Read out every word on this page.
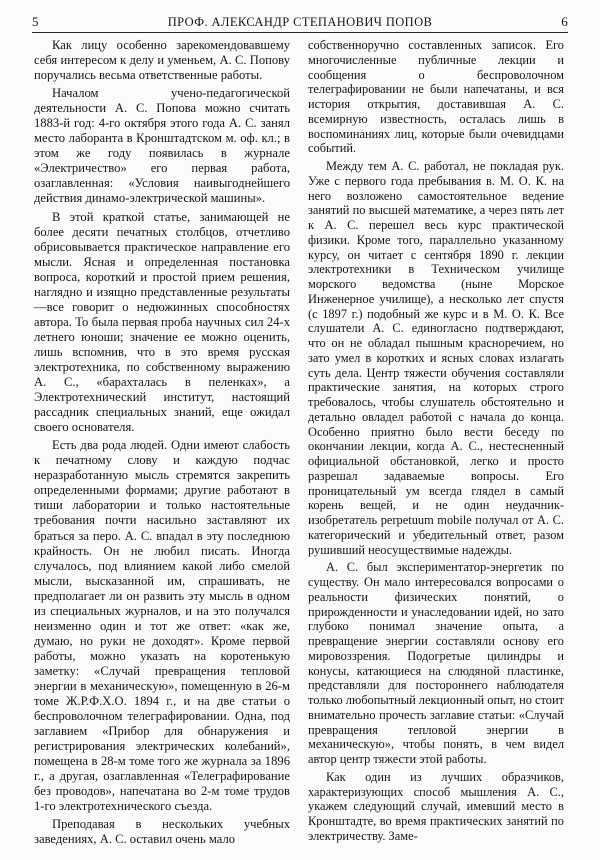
5	ПРОФ. АЛЕКСАНДР СТЕПАНОВИЧ ПОПОВ	6

Как лицу особенно зарекомендовавшему себя интересом к делу и уменьем, А. С. Попову поручались весьма ответственные работы.

Началом учено-педагогической деятельности А. С. Попова можно считать 1883-й год: 4-го октября этого года А. С. занял место лаборанта в Кронштадтском м. оф. кл.; в этом же году появилась в журнале «Электричество» его первая работа, озаглавленная: «Условия наивыгоднейшего действия динамо-электрической машины».

В этой краткой статье, занимающей не более десяти печатных столбцов, отчетливо обрисовывается практическое направление его мысли. Ясная и определенная постановка вопроса, короткий и простой прием решения, наглядно и изящно представленные результаты—все говорит о недюжинных способностях автора. То была первая проба научных сил 24-х летнего юноши; значение ее можно оценить, лишь вспомнив, что в это время русская электротехника, по собственному выражению А. С., «барахталась в пеленках», а Электротехнический институт, настоящий рассадник специальных знаний, еще ожидал своего основателя.

Есть два рода людей. Одни имеют слабость к печатному слову и каждую подчас неразработанную мысль стремятся закрепить определенными формами; другие работают в тиши лаборатории и только настоятельные требования почти насильно заставляют их браться за перо. А. С. впадал в эту последнюю крайность. Он не любил писать. Иногда случалось, под влиянием какой либо смелой мысли, высказанной им, спрашивать, не предполагает ли он развить эту мысль в одном из специальных журналов, и на это получался неизменно один и тот же ответ: «как же, думаю, но руки не доходят». Кроме первой работы, можно указать на коротенькую заметку: «Случай превращения тепловой энергии в механическую», помещенную в 26-м томе Ж.Р.Ф.Х.О. 1894 г., и на две статьи о беспроволочном телеграфировании. Одна, под заглавием «Прибор для обнаружения и регистрирования электрических колебаний», помещена в 28-м томе того же журнала за 1896 г., а другая, озаглавленная «Телеграфирование без проводов», напечатана во 2-м томе трудов 1-го электротехнического съезда.

Преподавая в нескольких учебных заведениях, А. С. оставил очень мало

собственноручно составленных записок. Его многочисленные публичные лекции и сообщения о беспроволочном телеграфировании не были напечатаны, и вся история открытия, доставившая А. С. всемирную известность, осталась лишь в воспоминаниях лиц, которые были очевидцами событий.

Между тем А. С. работал, не покладая рук. Уже с первого года пребывания в. М. О. К. на него возложено самостоятельное ведение занятий по высшей математике, а через пять лет к А. С. перешел весь курс практической физики. Кроме того, параллельно указанному курсу, он читает с сентября 1890 г. лекции электротехники в Техническом училище морского ведомства (ныне Морское Инженерное училище), а несколько лет спустя (с 1897 г.) подобный же курс и в М. О. К. Все слушатели А. С. единогласно подтверждают, что он не обладал пышным красноречием, но зато умел в коротких и ясных словах излагать суть дела. Центр тяжести обучения составляли практические занятия, на которых строго требовалось, чтобы слушатель обстоятельно и детально овладел работой с начала до конца. Особенно приятно было вести беседу по окончании лекции, когда А. С., нестесненный официальной обстановкой, легко и просто разрешал задаваемые вопросы. Его проницательный ум всегда глядел в самый корень вещей, и не один неудачник-изобретатель perpetuum mobile получал от А. С. категорический и убедительный ответ, разом рушивший неосуществимые надежды.

А. С. был экспериментатор-энергетик по существу. Он мало интересовался вопросами о реальности физических понятий, о прирожденности и унаследовании идей, но зато глубоко понимал значение опыта, а превращение энергии составляли основу его мировоззрения. Подогретые цилиндры и конусы, катающиеся на слюдяной пластинке, представляли для постороннего наблюдателя только любопытный лекционный опыт, но стоит внимательно прочесть заглавие статьи: «Случай превращения тепловой энергии в механическую», чтобы понять, в чем видел автор центр тяжести этой работы.

Как один из лучших образчиков, характеризующих способ мышления А. С., укажем следующий случай, имевший место в Кронштадте, во время практических занятий по электричеству. Заме-
